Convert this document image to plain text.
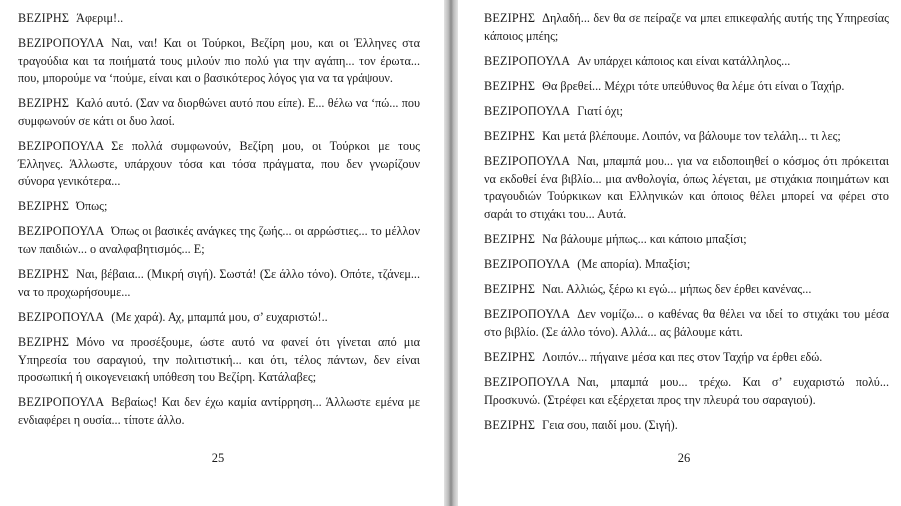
ΒΕΖΙΡΗΣ Άφεριμ!..

ΒΕΖΙΡΟΠΟΥΛΑ Ναι, ναι! Και οι Τούρκοι, Βεζίρη μου, και οι Έλληνες στα τραγούδια και τα ποιήματά τους μιλούν πιο πολύ για την αγάπη... τον έρωτα... που, μπορούμε να ‘πούμε, είναι και ο βασικότερος λόγος για να τα γράψουν.

ΒΕΖΙΡΗΣ Καλό αυτό. (Σαν να διορθώνει αυτό που είπε). Ε... θέλω να ‘πώ... που συμφωνούν σε κάτι οι δυο λαοί.

ΒΕΖΙΡΟΠΟΥΛΑ Σε πολλά συμφωνούν, Βεζίρη μου, οι Τούρκοι με τους Έλληνες. Άλλωστε, υπάρχουν τόσα και τόσα πράγματα, που δεν γνωρίζουν σύνορα γενικότερα...

ΒΕΖΙΡΗΣ Όπως;

ΒΕΖΙΡΟΠΟΥΛΑ Όπως οι βασικές ανάγκες της ζωής... οι αρρώστιες... το μέλλον των παιδιών... ο αναλφαβητισμός... Ε;

ΒΕΖΙΡΗΣ Ναι, βέβαια... (Μικρή σιγή). Σωστά! (Σε άλλο τόνο). Οπότε, τζάνεμ... να το προχωρήσουμε...

ΒΕΖΙΡΟΠΟΥΛΑ (Με χαρά). Αχ, μπαμπά μου, σ’ ευχαριστώ!..

ΒΕΖΙΡΗΣ Μόνο να προσέξουμε, ώστε αυτό να φανεί ότι γίνεται από μια Υπηρεσία του σαραγιού, την πολιτιστική... και ότι, τέλος πάντων, δεν είναι προσωπική ή οικογενειακή υπόθεση του Βεζίρη. Κατάλαβες;

ΒΕΖΙΡΟΠΟΥΛΑ Βεβαίως! Και δεν έχω καμία αντίρρηση... Άλλωστε εμένα με ενδιαφέρει η ουσία... τίποτε άλλο.

25

ΒΕΖΙΡΗΣ Δηλαδή... δεν θα σε πείραζε να μπει επικεφαλής αυτής της Υπηρεσίας κάποιος μπέης;

ΒΕΖΙΡΟΠΟΥΛΑ Αν υπάρχει κάποιος και είναι κατάλληλος...

ΒΕΖΙΡΗΣ Θα βρεθεί... Μέχρι τότε υπεύθυνος θα λέμε ότι είναι ο Ταχήρ.

ΒΕΖΙΡΟΠΟΥΛΑ Γιατί όχι;

ΒΕΖΙΡΗΣ Και μετά βλέπουμε. Λοιπόν, να βάλουμε τον τελάλη... τι λες;

ΒΕΖΙΡΟΠΟΥΛΑ Ναι, μπαμπά μου... για να ειδοποιηθεί ο κόσμος ότι πρόκειται να εκδοθεί ένα βιβλίο... μια ανθολογία, όπως λέγεται, με στιχάκια ποιημάτων και τραγουδιών Τούρκικων και Ελληνικών και όποιος θέλει μπορεί να φέρει στο σαράι το στιχάκι του... Αυτά.

ΒΕΖΙΡΗΣ Να βάλουμε μήπως... και κάποιο μπαξίσι;

ΒΕΖΙΡΟΠΟΥΛΑ (Με απορία). Μπαξίσι;

ΒΕΖΙΡΗΣ Ναι. Αλλιώς, ξέρω κι εγώ... μήπως δεν έρθει κανένας...

ΒΕΖΙΡΟΠΟΥΛΑ Δεν νομίζω... ο καθένας θα θέλει να ιδεί το στιχάκι του μέσα στο βιβλίο. (Σε άλλο τόνο). Αλλά... ας βάλουμε κάτι.

ΒΕΖΙΡΗΣ Λοιπόν... πήγαινε μέσα και πες στον Ταχήρ να έρθει εδώ.

ΒΕΖΙΡΟΠΟΥΛΑ Ναι, μπαμπά μου... τρέχω. Και σ’ ευχαριστώ πολύ... Προσκυνώ. (Στρέφει και εξέρχεται προς την πλευρά του σαραγιού).

ΒΕΖΙΡΗΣ Γεια σου, παιδί μου. (Σιγή).

26
